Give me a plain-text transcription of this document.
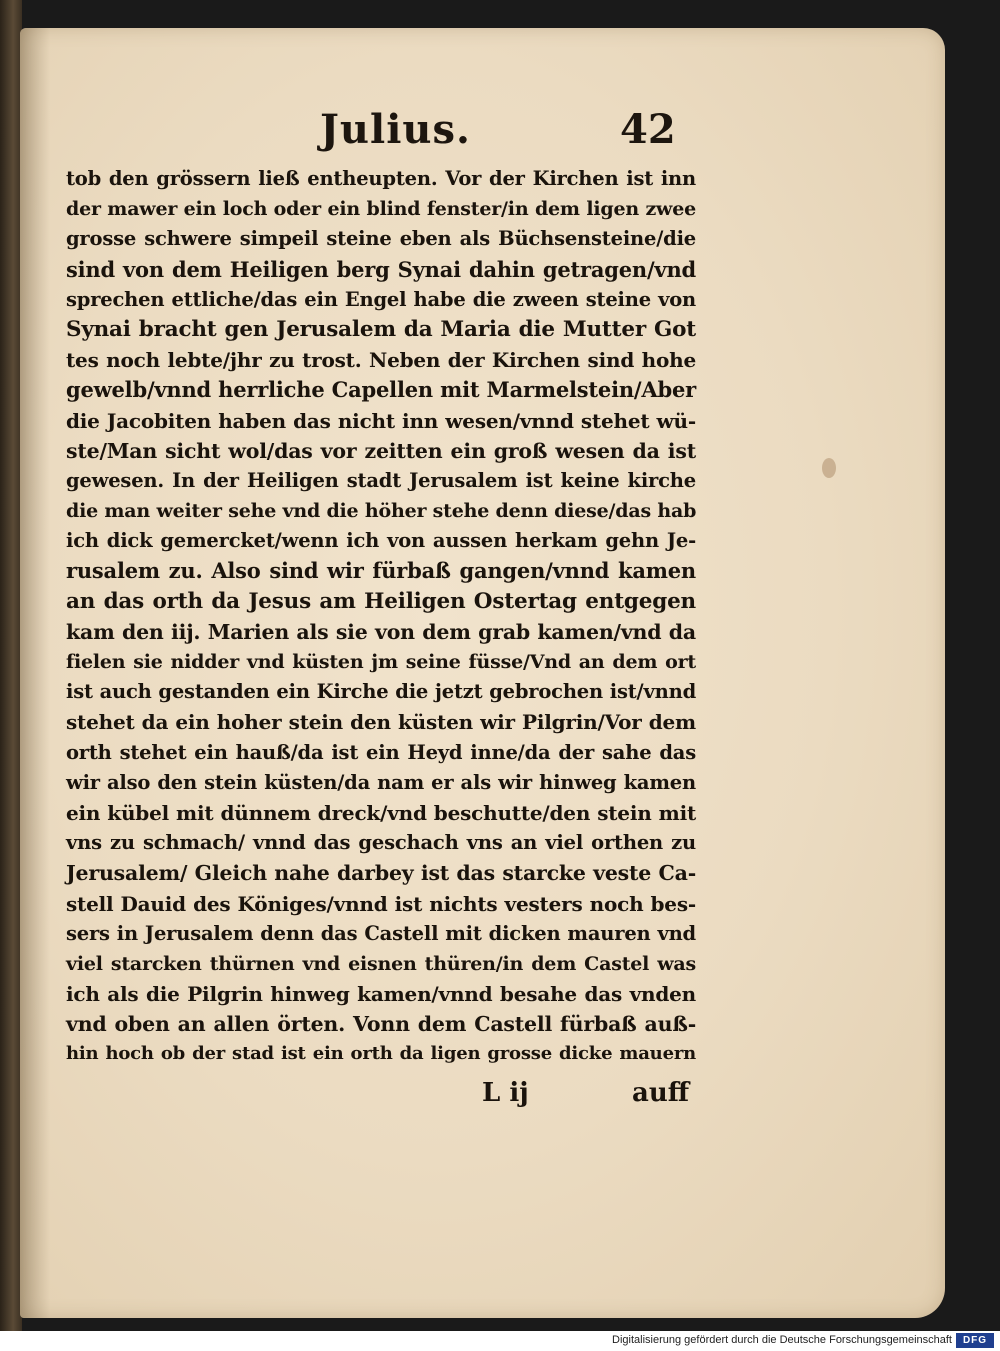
Julius.	42
tob den grössern ließ entheupten. Vor der Kirchen ist inn
der mawer ein loch oder ein blind fenster/in dem ligen zwee
grosse schwere simpeil steine eben als Büchsensteine/die
sind von dem Heiligen berg Synai dahin getragen/vnd
sprechen ettliche/das ein Engel habe die zween steine von
Synai bracht gen Jerusalem da Maria die Mutter Got
tes noch lebte/jhr zu trost. Neben der Kirchen sind hohe
gewelb/vnnd herrliche Capellen mit Marmelstein/Aber
die Jacobiten haben das nicht inn wesen/vnnd stehet wü-
ste/Man sicht wol/das vor zeitten ein groß wesen da ist
gewesen. In der Heiligen stadt Jerusalem ist keine kirche
die man weiter sehe vnd die höher stehe denn diese/das hab
ich dick gemercket/wenn ich von aussen herkam gehn Je-
rusalem zu. Also sind wir fürbaß gangen/vnnd kamen
an das orth da Jesus am Heiligen Ostertag entgegen
kam den iij. Marien als sie von dem grab kamen/vnd da
fielen sie nidder vnd küsten jm seine füsse/Vnd an dem ort
ist auch gestanden ein Kirche die jetzt gebrochen ist/vnnd
stehet da ein hoher stein den küsten wir Pilgrin/Vor dem
orth stehet ein hauß/da ist ein Heyd inne/da der sahe das
wir also den stein küsten/da nam er als wir hinweg kamen
ein kübel mit dünnem dreck/vnd beschutte/den stein mit
vns zu schmach/ vnnd das geschach vns an viel orthen zu
Jerusalem/ Gleich nahe darbey ist das starcke veste Ca-
stell Dauid des Königes/vnnd ist nichts vesters noch bes-
sers in Jerusalem denn das Castell mit dicken mauren vnd
viel starcken thürnen vnd eisnen thüren/in dem Castel was
ich als die Pilgrin hinweg kamen/vnnd besahe das vnden
vnd oben an allen örten. Vonn dem Castell fürbaß auß-
hin hoch ob der stad ist ein orth da ligen grosse dicke mauern
L ij	auff
Digitalisierung gefördert durch die Deutsche Forschungsgemeinschaft	DFG
